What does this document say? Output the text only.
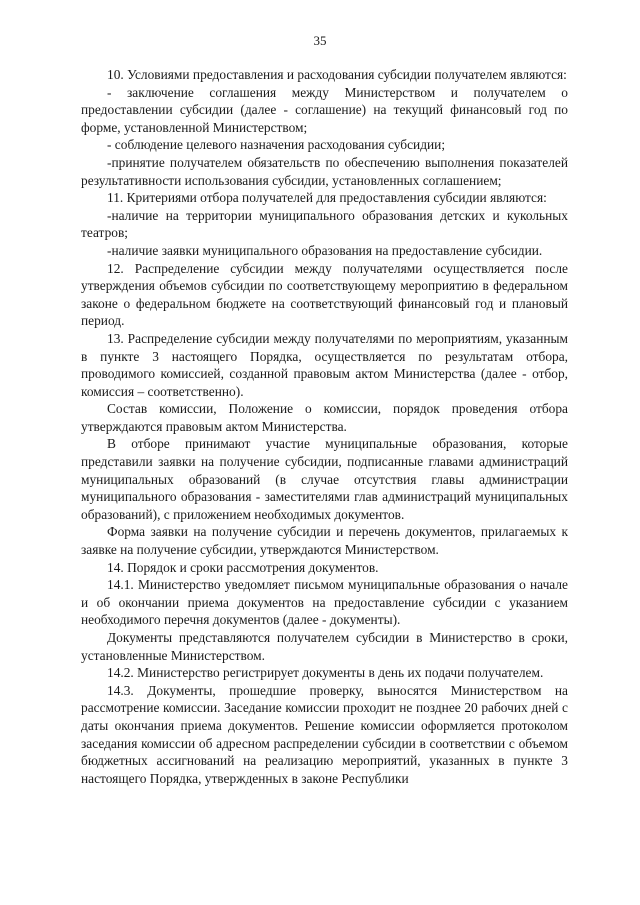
35

10. Условиями предоставления и расходования субсидии получателем являются:

- заключение соглашения между Министерством и получателем о предоставлении субсидии (далее - соглашение) на текущий финансовый год по форме, установленной Министерством;

- соблюдение целевого назначения расходования субсидии;

-принятие получателем обязательств по обеспечению выполнения показателей результативности использования субсидии, установленных соглашением;

11. Критериями отбора получателей для предоставления субсидии являются:

-наличие на территории муниципального образования детских и кукольных театров;

-наличие заявки муниципального образования на предоставление субсидии.

12. Распределение субсидии между получателями осуществляется после утверждения объемов субсидии по соответствующему мероприятию в федеральном законе о федеральном бюджете на соответствующий финансовый год и плановый период.

13. Распределение субсидии между получателями по мероприятиям, указанным в пункте 3 настоящего Порядка, осуществляется по результатам отбора, проводимого комиссией, созданной правовым актом Министерства (далее - отбор, комиссия – соответственно).

Состав комиссии, Положение о комиссии, порядок проведения отбора утверждаются правовым актом Министерства.

В отборе принимают участие муниципальные образования, которые представили заявки на получение субсидии, подписанные главами администраций муниципальных образований (в случае отсутствия главы администрации муниципального образования - заместителями глав администраций муниципальных образований), с приложением необходимых документов.

Форма заявки на получение субсидии и перечень документов, прилагаемых к заявке на получение субсидии, утверждаются Министерством.

14. Порядок и сроки рассмотрения документов.

14.1. Министерство уведомляет письмом муниципальные образования о начале и об окончании приема документов на предоставление субсидии с указанием необходимого перечня документов (далее - документы).

Документы представляются получателем субсидии в Министерство в сроки, установленные Министерством.

14.2. Министерство регистрирует документы в день их подачи получателем.

14.3. Документы, прошедшие проверку, выносятся Министерством на рассмотрение комиссии. Заседание комиссии проходит не позднее 20 рабочих дней с даты окончания приема документов. Решение комиссии оформляется протоколом заседания комиссии об адресном распределении субсидии в соответствии с объемом бюджетных ассигнований на реализацию мероприятий, указанных в пункте 3 настоящего Порядка, утвержденных в законе Республики
